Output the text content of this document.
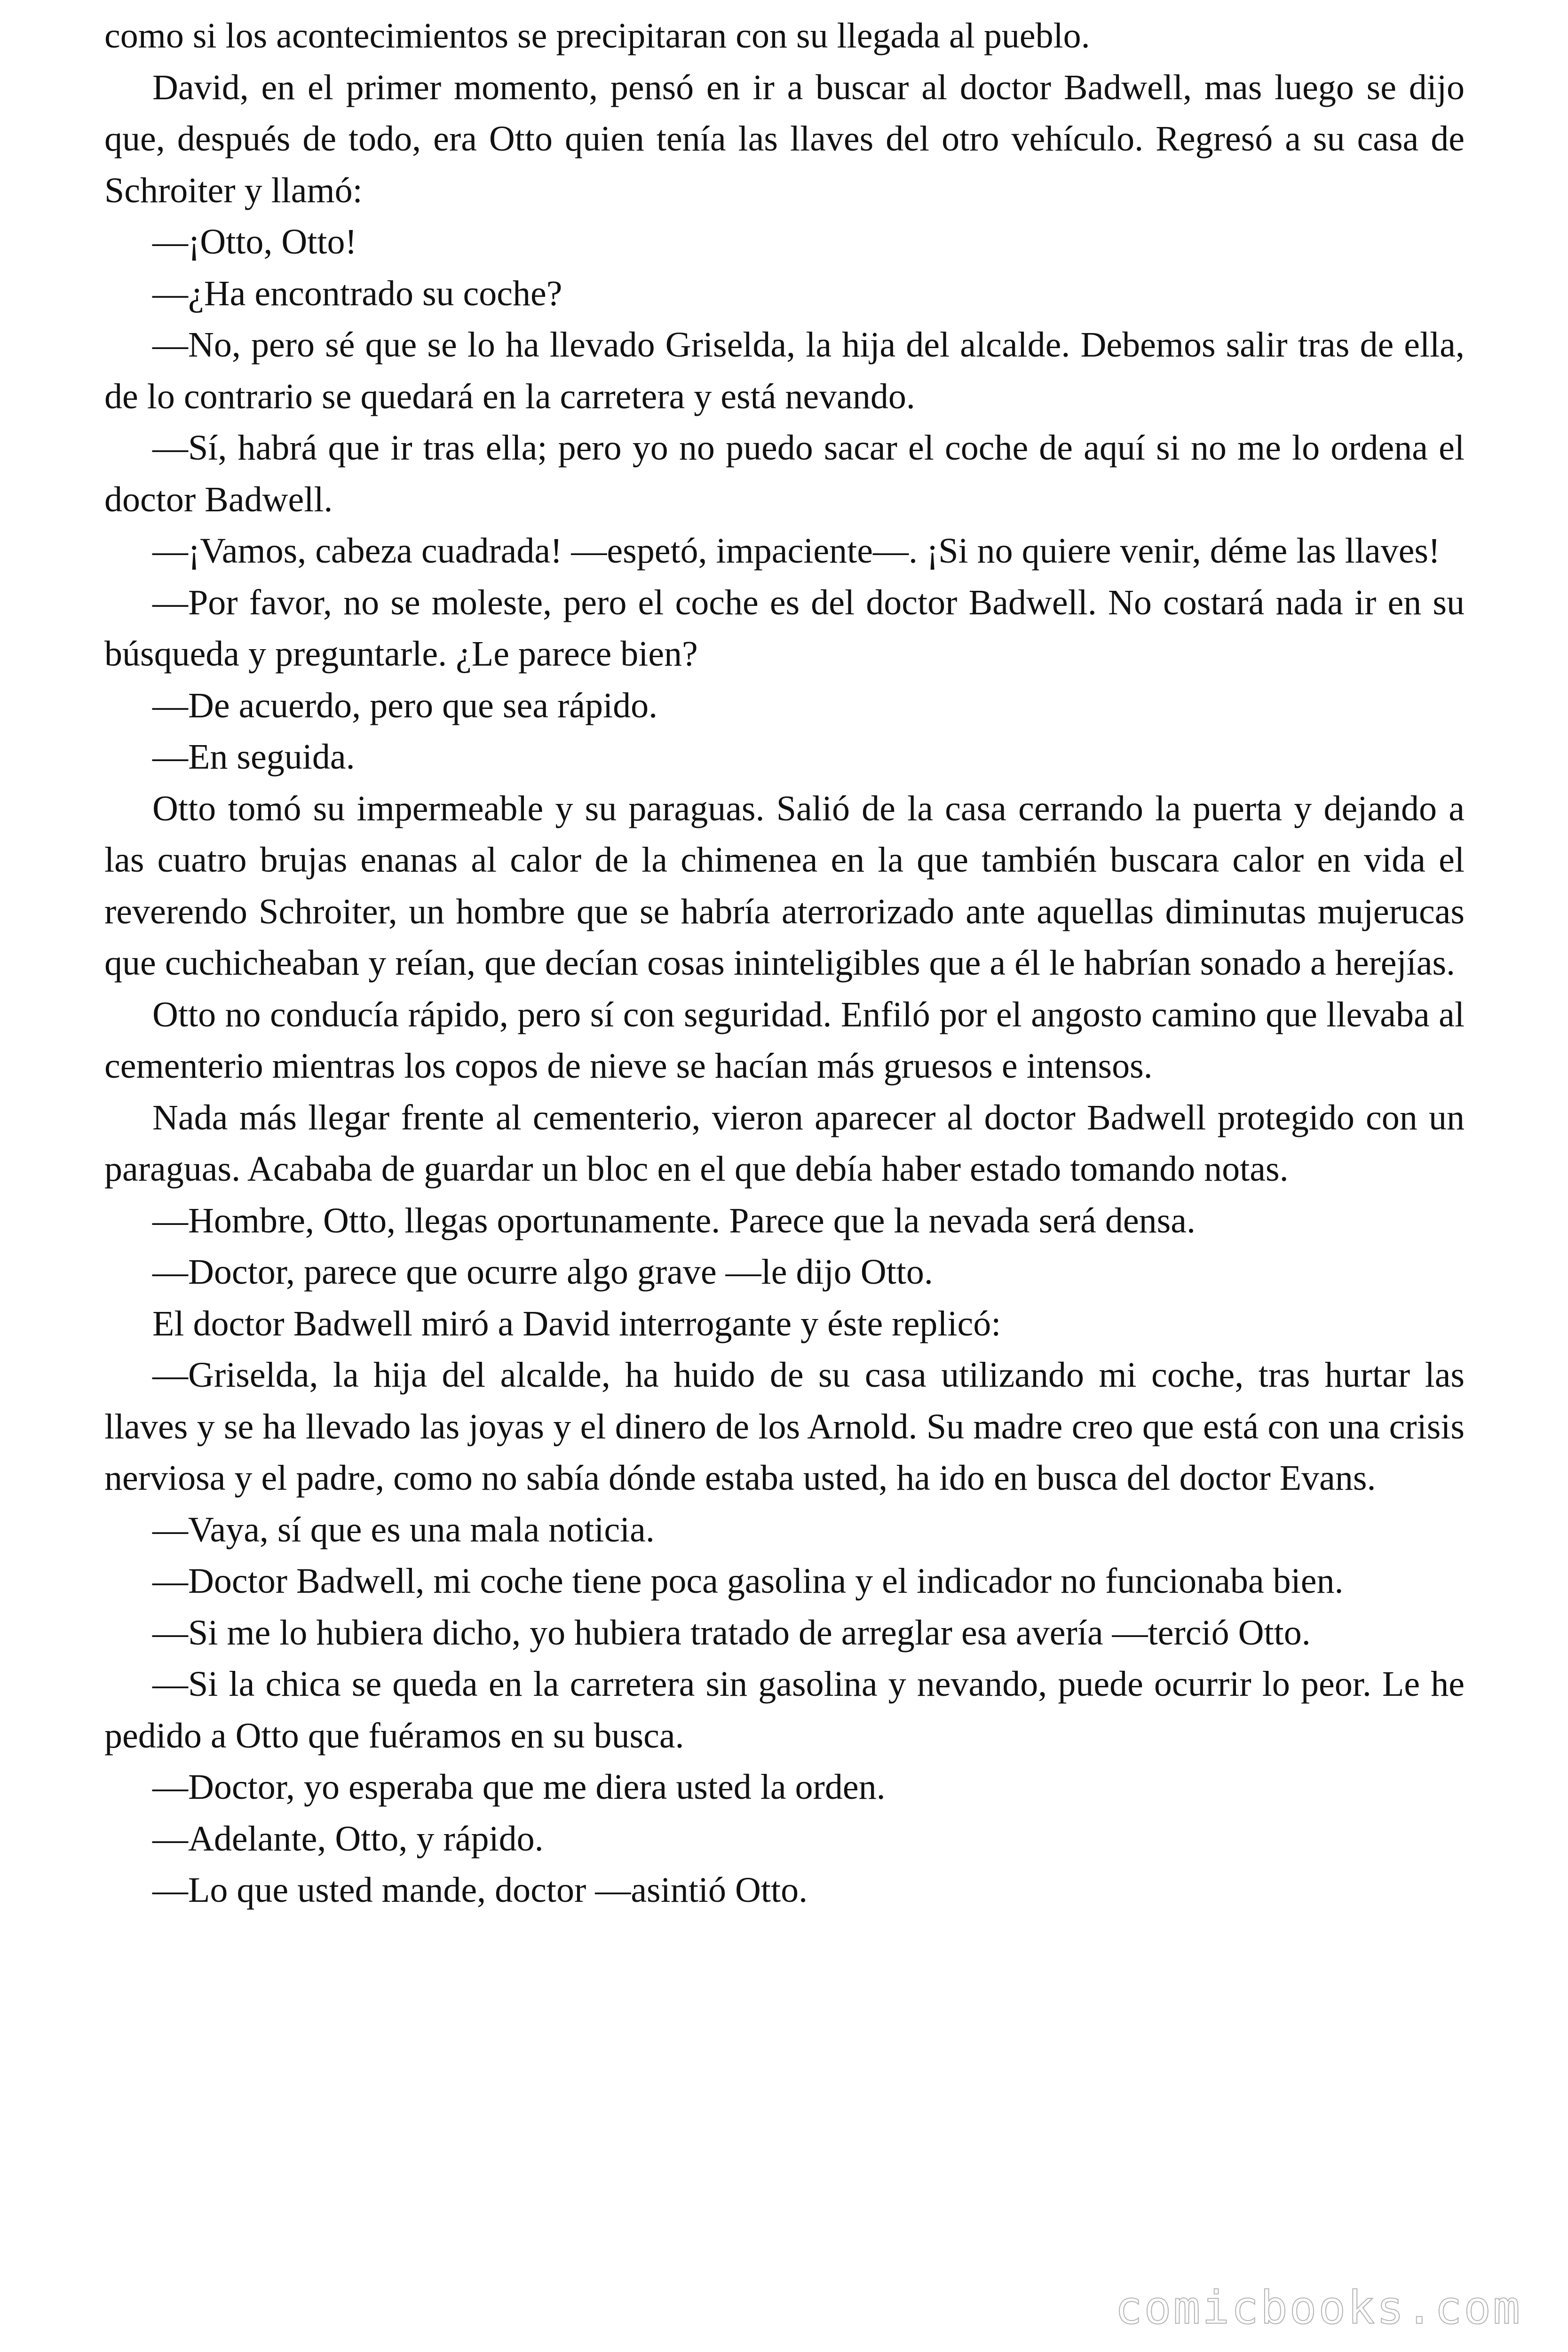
como si los acontecimientos se precipitaran con su llegada al pueblo.

David, en el primer momento, pensó en ir a buscar al doctor Badwell, mas luego se dijo que, después de todo, era Otto quien tenía las llaves del otro vehículo. Regresó a su casa de Schroiter y llamó:

—¡Otto, Otto!

—¿Ha encontrado su coche?

—No, pero sé que se lo ha llevado Griselda, la hija del alcalde. Debemos salir tras de ella, de lo contrario se quedará en la carretera y está nevando.

—Sí, habrá que ir tras ella; pero yo no puedo sacar el coche de aquí si no me lo ordena el doctor Badwell.

—¡Vamos, cabeza cuadrada! —espetó, impaciente—. ¡Si no quiere venir, déme las llaves!

—Por favor, no se moleste, pero el coche es del doctor Badwell. No costará nada ir en su búsqueda y preguntarle. ¿Le parece bien?

—De acuerdo, pero que sea rápido.

—En seguida.

Otto tomó su impermeable y su paraguas. Salió de la casa cerrando la puerta y dejando a las cuatro brujas enanas al calor de la chimenea en la que también buscara calor en vida el reverendo Schroiter, un hombre que se habría aterrorizado ante aquellas diminutas mujerucas que cuchicheaban y reían, que decían cosas ininteligibles que a él le habrían sonado a herejías.

Otto no conducía rápido, pero sí con seguridad. Enfiló por el angosto camino que llevaba al cementerio mientras los copos de nieve se hacían más gruesos e intensos.

Nada más llegar frente al cementerio, vieron aparecer al doctor Badwell protegido con un paraguas. Acababa de guardar un bloc en el que debía haber estado tomando notas.

—Hombre, Otto, llegas oportunamente. Parece que la nevada será densa.

—Doctor, parece que ocurre algo grave —le dijo Otto.

El doctor Badwell miró a David interrogante y éste replicó:

—Griselda, la hija del alcalde, ha huido de su casa utilizando mi coche, tras hurtar las llaves y se ha llevado las joyas y el dinero de los Arnold. Su madre creo que está con una crisis nerviosa y el padre, como no sabía dónde estaba usted, ha ido en busca del doctor Evans.

—Vaya, sí que es una mala noticia.

—Doctor Badwell, mi coche tiene poca gasolina y el indicador no funcionaba bien.

—Si me lo hubiera dicho, yo hubiera tratado de arreglar esa avería —terció Otto.

—Si la chica se queda en la carretera sin gasolina y nevando, puede ocurrir lo peor. Le he pedido a Otto que fuéramos en su busca.

—Doctor, yo esperaba que me diera usted la orden.

—Adelante, Otto, y rápido.

—Lo que usted mande, doctor —asintió Otto.

comicbooks.com
